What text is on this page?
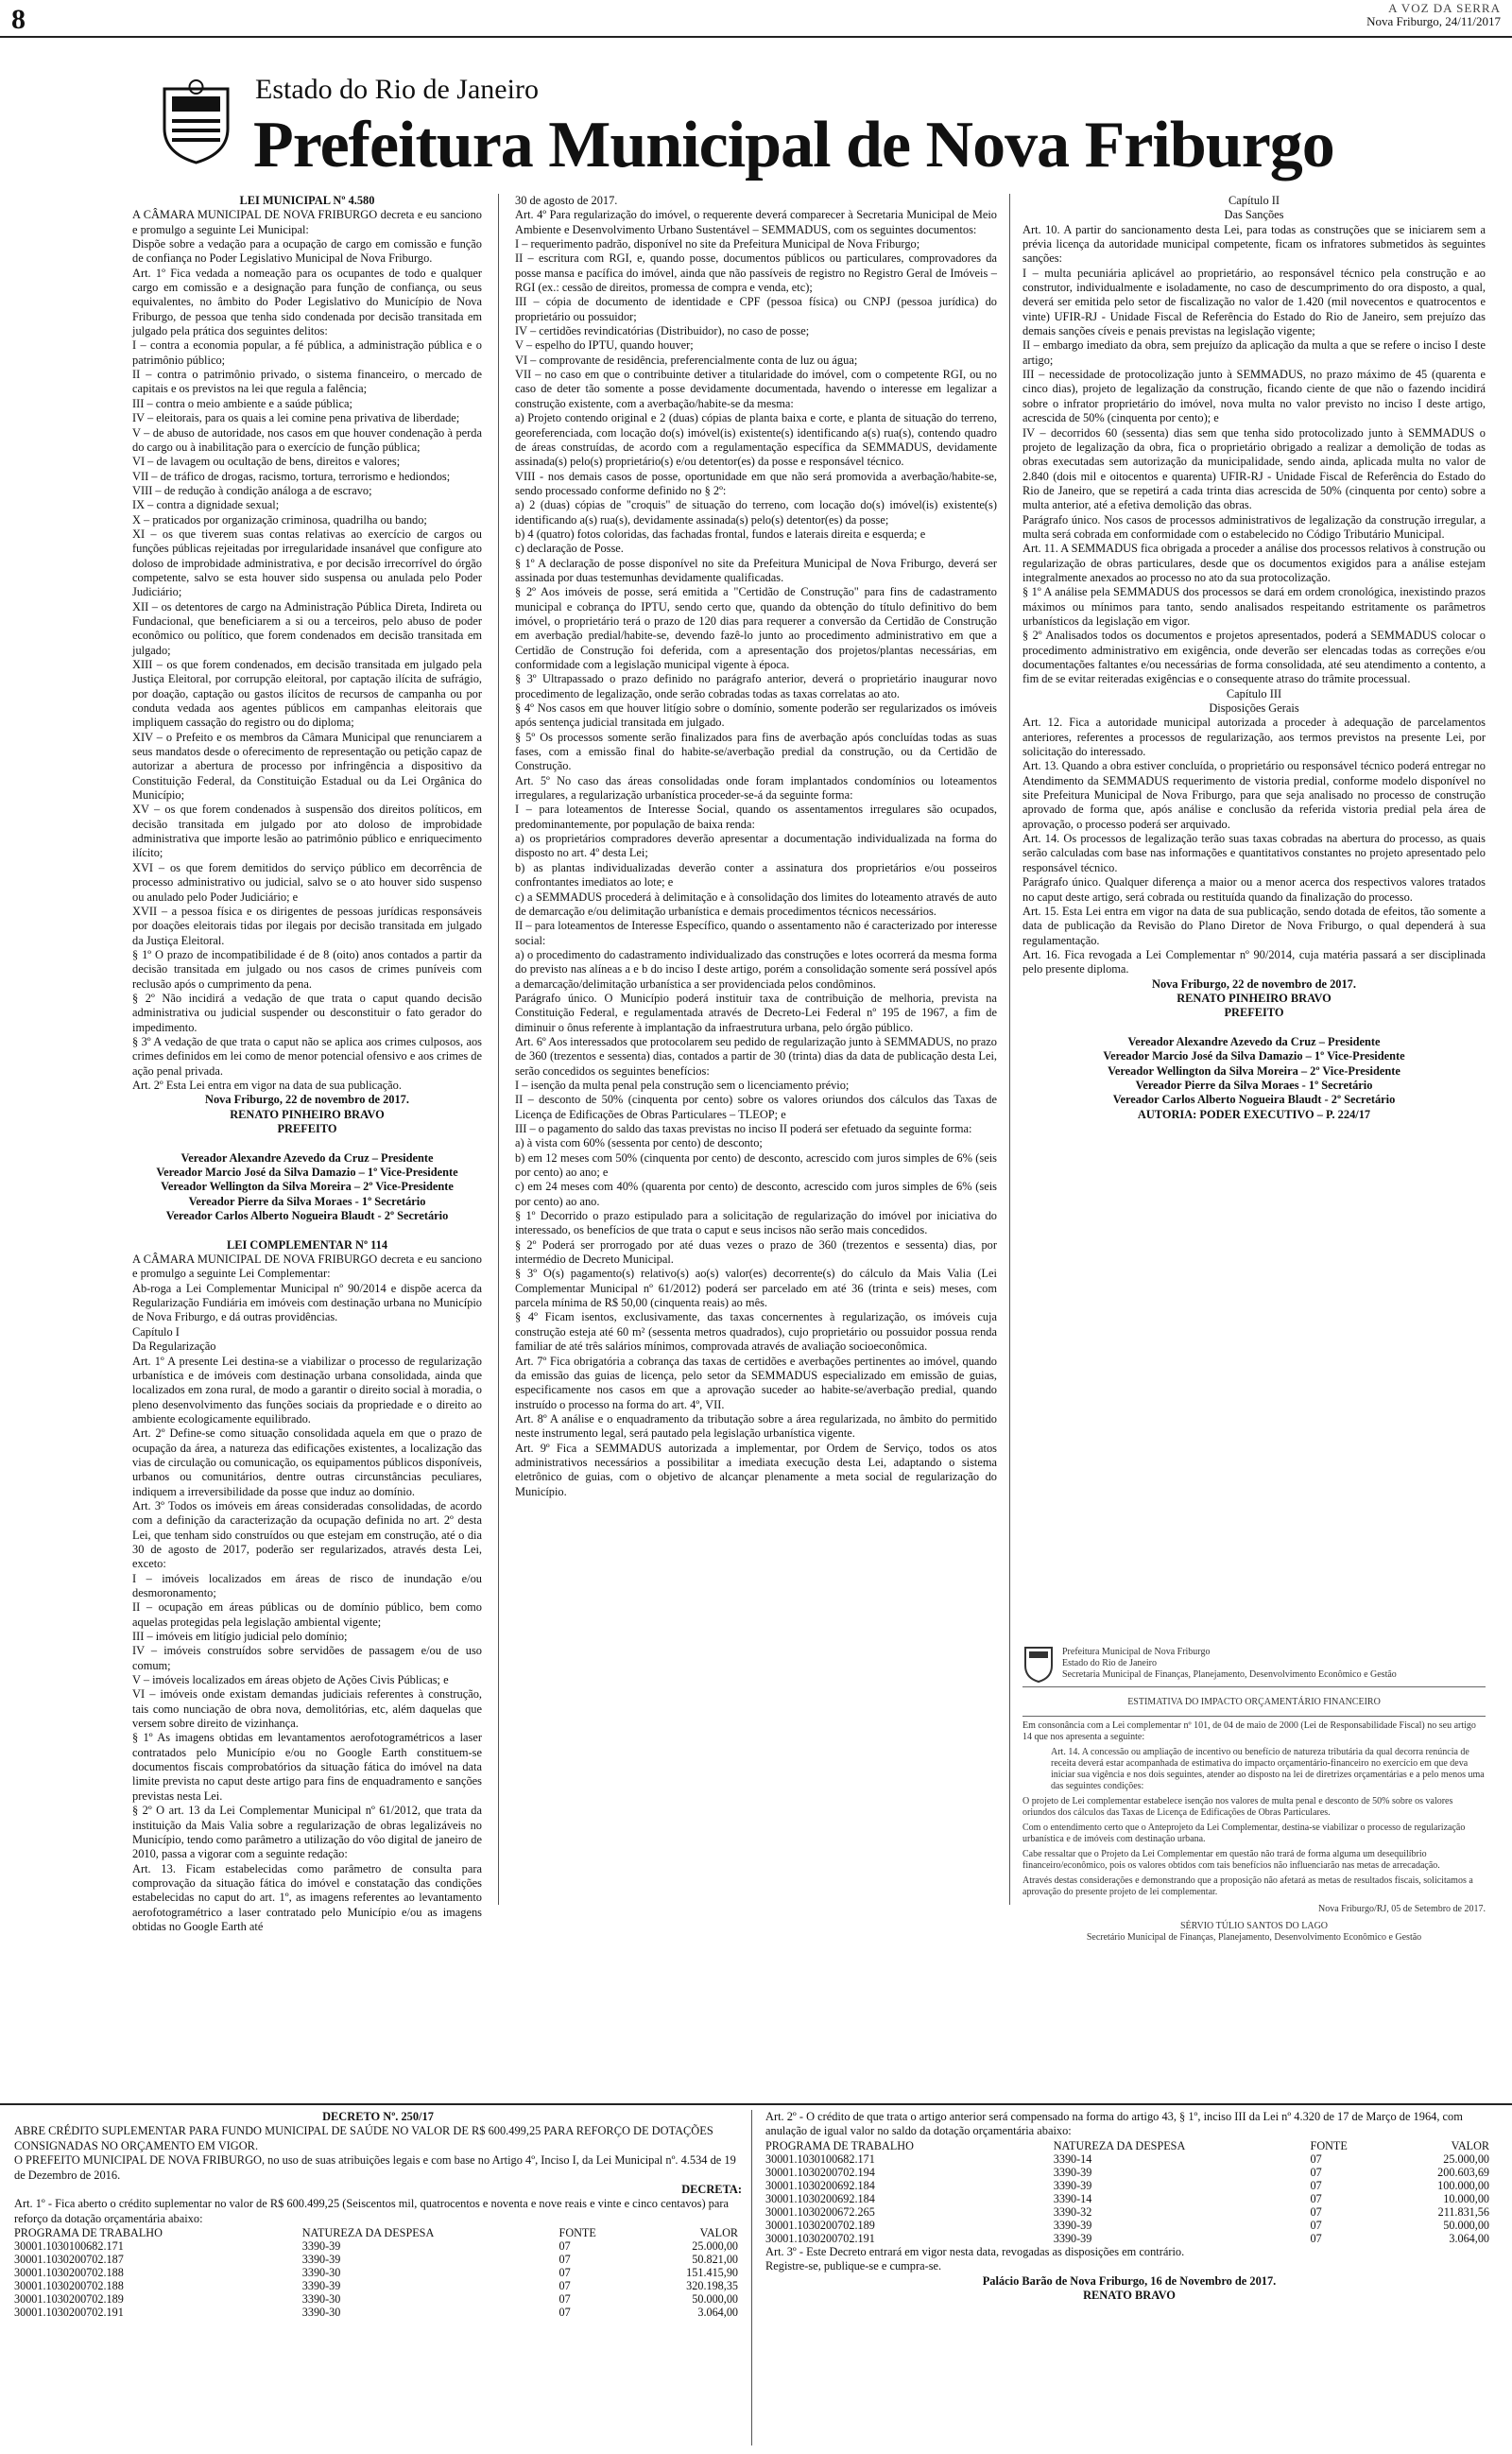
8	A VOZ DA SERRA
Nova Friburgo, 24/11/2017
Estado do Rio de Janeiro
Prefeitura Municipal de Nova Friburgo

LEI MUNICIPAL Nº 4.580

A CÂMARA MUNICIPAL DE NOVA FRIBURGO decreta e eu sanciono e promulgo a seguinte Lei Municipal:

Dispõe sobre a vedação para a ocupação de cargo em comissão e função de confiança no Poder Legislativo Municipal de Nova Friburgo.

Art. 1º Fica vedada a nomeação para os ocupantes de todo e qualquer cargo em comissão e a designação para função de confiança, ou seus equivalentes, no âmbito do Poder Legislativo do Município de Nova Friburgo, de pessoa que tenha sido condenada por decisão transitada em julgado pela prática dos seguintes delitos:

I – contra a economia popular, a fé pública, a administração pública e o patrimônio público;

II – contra o patrimônio privado, o sistema financeiro, o mercado de capitais e os previstos na lei que regula a falência;

III – contra o meio ambiente e a saúde pública;

IV – eleitorais, para os quais a lei comine pena privativa de liberdade;

V – de abuso de autoridade, nos casos em que houver condenação à perda do cargo ou à inabilitação para o exercício de função pública;

VI – de lavagem ou ocultação de bens, direitos e valores;

VII – de tráfico de drogas, racismo, tortura, terrorismo e hediondos;

VIII – de redução à condição análoga a de escravo;

IX – contra a dignidade sexual;

X – praticados por organização criminosa, quadrilha ou bando;

XI – os que tiverem suas contas relativas ao exercício de cargos ou funções públicas rejeitadas por irregularidade insanável que configure ato doloso de improbidade administrativa, e por decisão irrecorrível do órgão competente, salvo se esta houver sido suspensa ou anulada pelo Poder Judiciário;

XII – os detentores de cargo na Administração Pública Direta, Indireta ou Fundacional, que beneficiarem a si ou a terceiros, pelo abuso de poder econômico ou político, que forem condenados em decisão transitada em julgado;

XIII – os que forem condenados, em decisão transitada em julgado pela Justiça Eleitoral, por corrupção eleitoral, por captação ilícita de sufrágio, por doação, captação ou gastos ilícitos de recursos de campanha ou por conduta vedada aos agentes públicos em campanhas eleitorais que impliquem cassação do registro ou do diploma;

XIV – o Prefeito e os membros da Câmara Municipal que renunciarem a seus mandatos desde o oferecimento de representação ou petição capaz de autorizar a abertura de processo por infringência a dispositivo da Constituição Federal, da Constituição Estadual ou da Lei Orgânica do Município;

XV – os que forem condenados à suspensão dos direitos políticos, em decisão transitada em julgado por ato doloso de improbidade administrativa que importe lesão ao patrimônio público e enriquecimento ilícito;

XVI – os que forem demitidos do serviço público em decorrência de processo administrativo ou judicial, salvo se o ato houver sido suspenso ou anulado pelo Poder Judiciário; e

XVII – a pessoa física e os dirigentes de pessoas jurídicas responsáveis por doações eleitorais tidas por ilegais por decisão transitada em julgado da Justiça Eleitoral.

§ 1º O prazo de incompatibilidade é de 8 (oito) anos contados a partir da decisão transitada em julgado ou nos casos de crimes puníveis com reclusão após o cumprimento da pena.

§ 2º Não incidirá a vedação de que trata o caput quando decisão administrativa ou judicial suspender ou desconstituir o fato gerador do impedimento.

§ 3º A vedação de que trata o caput não se aplica aos crimes culposos, aos crimes definidos em lei como de menor potencial ofensivo e aos crimes de ação penal privada.

Art. 2º Esta Lei entra em vigor na data de sua publicação.

Nova Friburgo, 22 de novembro de 2017.

RENATO PINHEIRO BRAVO

PREFEITO

Vereador Alexandre Azevedo da Cruz – Presidente

Vereador Marcio José da Silva Damazio – 1º Vice-Presidente

Vereador Wellington da Silva Moreira – 2º Vice-Presidente

Vereador Pierre da Silva Moraes - 1º Secretário

Vereador Carlos Alberto Nogueira Blaudt - 2º Secretário

LEI COMPLEMENTAR Nº 114

A CÂMARA MUNICIPAL DE NOVA FRIBURGO decreta e eu sanciono e promulgo a seguinte Lei Complementar:

Ab-roga a Lei Complementar Municipal nº 90/2014 e dispõe acerca da Regularização Fundiária em imóveis com destinação urbana no Município de Nova Friburgo, e dá outras providências.

Capítulo I

Da Regularização

Art. 1º A presente Lei destina-se a viabilizar o processo de regularização urbanística e de imóveis com destinação urbana consolidada, ainda que localizados em zona rural, de modo a garantir o direito social à moradia, o pleno desenvolvimento das funções sociais da propriedade e o direito ao ambiente ecologicamente equilibrado.

Art. 2º Define-se como situação consolidada aquela em que o prazo de ocupação da área, a natureza das edificações existentes, a localização das vias de circulação ou comunicação, os equipamentos públicos disponíveis, urbanos ou comunitários, dentre outras circunstâncias peculiares, indiquem a irreversibilidade da posse que induz ao domínio.

Art. 3º Todos os imóveis em áreas consideradas consolidadas, de acordo com a definição da caracterização da ocupação definida no art. 2º desta Lei, que tenham sido construídos ou que estejam em construção, até o dia 30 de agosto de 2017, poderão ser regularizados, através desta Lei, exceto:

I – imóveis localizados em áreas de risco de inundação e/ou desmoronamento;

II – ocupação em áreas públicas ou de domínio público, bem como aquelas protegidas pela legislação ambiental vigente;

III – imóveis em litígio judicial pelo domínio;

IV – imóveis construídos sobre servidões de passagem e/ou de uso comum;

V – imóveis localizados em áreas objeto de Ações Civis Públicas; e

VI – imóveis onde existam demandas judiciais referentes à construção, tais como nunciação de obra nova, demolitórias, etc, além daquelas que versem sobre direito de vizinhança.

§ 1º As imagens obtidas em levantamentos aerofotogramétricos a laser contratados pelo Município e/ou no Google Earth constituem-se documentos fiscais comprobatórios da situação fática do imóvel na data limite prevista no caput deste artigo para fins de enquadramento e sanções previstas nesta Lei.

§ 2º O art. 13 da Lei Complementar Municipal nº 61/2012, que trata da instituição da Mais Valia sobre a regularização de obras legalizáveis no Município, tendo como parâmetro a utilização do vôo digital de janeiro de 2010, passa a vigorar com a seguinte redação:

Art. 13. Ficam estabelecidas como parâmetro de consulta para comprovação da situação fática do imóvel e constatação das condições estabelecidas no caput do art. 1º, as imagens referentes ao levantamento aerofotogramétrico a laser contratado pelo Município e/ou as imagens obtidas no Google Earth até

30 de agosto de 2017.

Art. 4º Para regularização do imóvel, o requerente deverá comparecer à Secretaria Municipal de Meio Ambiente e Desenvolvimento Urbano Sustentável – SEMMADUS, com os seguintes documentos:

I – requerimento padrão, disponível no site da Prefeitura Municipal de Nova Friburgo;

II – escritura com RGI, e, quando posse, documentos públicos ou particulares, comprovadores da posse mansa e pacífica do imóvel, ainda que não passíveis de registro no Registro Geral de Imóveis – RGI (ex.: cessão de direitos, promessa de compra e venda, etc);

III – cópia de documento de identidade e CPF (pessoa física) ou CNPJ (pessoa jurídica) do proprietário ou possuidor;

IV – certidões revindicatórias (Distribuidor), no caso de posse;

V – espelho do IPTU, quando houver;

VI – comprovante de residência, preferencialmente conta de luz ou água;

VII – no caso em que o contribuinte detiver a titularidade do imóvel, com o competente RGI, ou no caso de deter tão somente a posse devidamente documentada, havendo o interesse em legalizar a construção existente, com a averbação/habite-se da mesma:

a) Projeto contendo original e 2 (duas) cópias de planta baixa e corte, e planta de situação do terreno, georeferenciada, com locação do(s) imóvel(is) existente(s) identificando a(s) rua(s), contendo quadro de áreas construídas, de acordo com a regulamentação específica da SEMMADUS, devidamente assinada(s) pelo(s) proprietário(s) e/ou detentor(es) da posse e responsável técnico.

VIII - nos demais casos de posse, oportunidade em que não será promovida a averbação/habite-se, sendo processado conforme definido no § 2º:

a) 2 (duas) cópias de "croquis" de situação do terreno, com locação do(s) imóvel(is) existente(s) identificando a(s) rua(s), devidamente assinada(s) pelo(s) detentor(es) da posse;

b) 4 (quatro) fotos coloridas, das fachadas frontal, fundos e laterais direita e esquerda; e

c) declaração de Posse.

§ 1º A declaração de posse disponível no site da Prefeitura Municipal de Nova Friburgo, deverá ser assinada por duas testemunhas devidamente qualificadas.

§ 2º Aos imóveis de posse, será emitida a "Certidão de Construção" para fins de cadastramento municipal e cobrança do IPTU, sendo certo que, quando da obtenção do título definitivo do bem imóvel, o proprietário terá o prazo de 120 dias para requerer a conversão da Certidão de Construção em averbação predial/habite-se, devendo fazê-lo junto ao procedimento administrativo em que a Certidão de Construção foi deferida, com a apresentação dos projetos/plantas necessárias, em conformidade com a legislação municipal vigente à época.

§ 3º Ultrapassado o prazo definido no parágrafo anterior, deverá o proprietário inaugurar novo procedimento de legalização, onde serão cobradas todas as taxas correlatas ao ato.

§ 4º Nos casos em que houver litígio sobre o domínio, somente poderão ser regularizados os imóveis após sentença judicial transitada em julgado.

§ 5º Os processos somente serão finalizados para fins de averbação após concluídas todas as suas fases, com a emissão final do habite-se/averbação predial da construção, ou da Certidão de Construção.

Art. 5º No caso das áreas consolidadas onde foram implantados condomínios ou loteamentos irregulares, a regularização urbanística proceder-se-á da seguinte forma:

I – para loteamentos de Interesse Social, quando os assentamentos irregulares são ocupados, predominantemente, por população de baixa renda:

a) os proprietários compradores deverão apresentar a documentação individualizada na forma do disposto no art. 4º desta Lei;

b) as plantas individualizadas deverão conter a assinatura dos proprietários e/ou posseiros confrontantes imediatos ao lote; e

c) a SEMMADUS procederá à delimitação e à consolidação dos limites do loteamento através de auto de demarcação e/ou delimitação urbanística e demais procedimentos técnicos necessários.

II – para loteamentos de Interesse Específico, quando o assentamento não é caracterizado por interesse social:

a) o procedimento do cadastramento individualizado das construções e lotes ocorrerá da mesma forma do previsto nas alíneas a e b do inciso I deste artigo, porém a consolidação somente será possível após a demarcação/delimitação urbanística a ser providenciada pelos condôminos.

Parágrafo único. O Município poderá instituir taxa de contribuição de melhoria, prevista na Constituição Federal, e regulamentada através de Decreto-Lei Federal nº 195 de 1967, a fim de diminuir o ônus referente à implantação da infraestrutura urbana, pelo órgão público.

Art. 6º Aos interessados que protocolarem seu pedido de regularização junto à SEMMADUS, no prazo de 360 (trezentos e sessenta) dias, contados a partir de 30 (trinta) dias da data de publicação desta Lei, serão concedidos os seguintes benefícios:

I – isenção da multa penal pela construção sem o licenciamento prévio;

II – desconto de 50% (cinquenta por cento) sobre os valores oriundos dos cálculos das Taxas de Licença de Edificações de Obras Particulares – TLEOP; e

III – o pagamento do saldo das taxas previstas no inciso II poderá ser efetuado da seguinte forma:

a) à vista com 60% (sessenta por cento) de desconto;

b) em 12 meses com 50% (cinquenta por cento) de desconto, acrescido com juros simples de 6% (seis por cento) ao ano; e

c) em 24 meses com 40% (quarenta por cento) de desconto, acrescido com juros simples de 6% (seis por cento) ao ano.

§ 1º Decorrido o prazo estipulado para a solicitação de regularização do imóvel por iniciativa do interessado, os benefícios de que trata o caput e seus incisos não serão mais concedidos.

§ 2º Poderá ser prorrogado por até duas vezes o prazo de 360 (trezentos e sessenta) dias, por intermédio de Decreto Municipal.

§ 3º O(s) pagamento(s) relativo(s) ao(s) valor(es) decorrente(s) do cálculo da Mais Valia (Lei Complementar Municipal nº 61/2012) poderá ser parcelado em até 36 (trinta e seis) meses, com parcela mínima de R$ 50,00 (cinquenta reais) ao mês.

§ 4º Ficam isentos, exclusivamente, das taxas concernentes à regularização, os imóveis cuja construção esteja até 60 m² (sessenta metros quadrados), cujo proprietário ou possuidor possua renda familiar de até três salários mínimos, comprovada através de avaliação socioeconômica.

Art. 7º Fica obrigatória a cobrança das taxas de certidões e averbações pertinentes ao imóvel, quando da emissão das guias de licença, pelo setor da SEMMADUS especializado em emissão de guias, especificamente nos casos em que a aprovação suceder ao habite-se/averbação predial, quando instruído o processo na forma do art. 4º, VII.

Art. 8º A análise e o enquadramento da tributação sobre a área regularizada, no âmbito do permitido neste instrumento legal, será pautado pela legislação urbanística vigente.

Art. 9º Fica a SEMMADUS autorizada a implementar, por Ordem de Serviço, todos os atos administrativos necessários a possibilitar a imediata execução desta Lei, adaptando o sistema eletrônico de guias, com o objetivo de alcançar plenamente a meta social de regularização do Município.

Capítulo II

Das Sanções

Art. 10. A partir do sancionamento desta Lei, para todas as construções que se iniciarem sem a prévia licença da autoridade municipal competente, ficam os infratores submetidos às seguintes sanções:

I – multa pecuniária aplicável ao proprietário, ao responsável técnico pela construção e ao construtor, individualmente e isoladamente, no caso de descumprimento do ora disposto, a qual, deverá ser emitida pelo setor de fiscalização no valor de 1.420 (mil novecentos e quatrocentos e vinte) UFIR-RJ - Unidade Fiscal de Referência do Estado do Rio de Janeiro, sem prejuízo das demais sanções cíveis e penais previstas na legislação vigente;

II – embargo imediato da obra, sem prejuízo da aplicação da multa a que se refere o inciso I deste artigo;

III – necessidade de protocolização junto à SEMMADUS, no prazo máximo de 45 (quarenta e cinco dias), projeto de legalização da construção, ficando ciente de que não o fazendo incidirá sobre o infrator proprietário do imóvel, nova multa no valor previsto no inciso I deste artigo, acrescida de 50% (cinquenta por cento); e

IV – decorridos 60 (sessenta) dias sem que tenha sido protocolizado junto à SEMMADUS o projeto de legalização da obra, fica o proprietário obrigado a realizar a demolição de todas as obras executadas sem autorização da municipalidade, sendo ainda, aplicada multa no valor de 2.840 (dois mil e oitocentos e quarenta) UFIR-RJ - Unidade Fiscal de Referência do Estado do Rio de Janeiro, que se repetirá a cada trinta dias acrescida de 50% (cinquenta por cento) sobre a multa anterior, até a efetiva demolição das obras.

Parágrafo único. Nos casos de processos administrativos de legalização da construção irregular, a multa será cobrada em conformidade com o estabelecido no Código Tributário Municipal.

Art. 11. A SEMMADUS fica obrigada a proceder a análise dos processos relativos à construção ou regularização de obras particulares, desde que os documentos exigidos para a análise estejam integralmente anexados ao processo no ato da sua protocolização.

§ 1º A análise pela SEMMADUS dos processos se dará em ordem cronológica, inexistindo prazos máximos ou mínimos para tanto, sendo analisados respeitando estritamente os parâmetros urbanísticos da legislação em vigor.

§ 2º Analisados todos os documentos e projetos apresentados, poderá a SEMMADUS colocar o procedimento administrativo em exigência, onde deverão ser elencadas todas as correções e/ou documentações faltantes e/ou necessárias de forma consolidada, até seu atendimento a contento, a fim de se evitar reiteradas exigências e o consequente atraso do trâmite processual.

Capítulo III

Disposições Gerais

Art. 12. Fica a autoridade municipal autorizada a proceder à adequação de parcelamentos anteriores, referentes a processos de regularização, aos termos previstos na presente Lei, por solicitação do interessado.

Art. 13. Quando a obra estiver concluída, o proprietário ou responsável técnico poderá entregar no Atendimento da SEMMADUS requerimento de vistoria predial, conforme modelo disponível no site Prefeitura Municipal de Nova Friburgo, para que seja analisado no processo de construção aprovado de forma que, após análise e conclusão da referida vistoria predial pela área de aprovação, o processo poderá ser arquivado.

Art. 14. Os processos de legalização terão suas taxas cobradas na abertura do processo, as quais serão calculadas com base nas informações e quantitativos constantes no projeto apresentado pelo responsável técnico.

Parágrafo único. Qualquer diferença a maior ou a menor acerca dos respectivos valores tratados no caput deste artigo, será cobrada ou restituída quando da finalização do processo.

Art. 15. Esta Lei entra em vigor na data de sua publicação, sendo dotada de efeitos, tão somente a data de publicação da Revisão do Plano Diretor de Nova Friburgo, o qual dependerá à sua regulamentação.

Art. 16. Fica revogada a Lei Complementar nº 90/2014, cuja matéria passará a ser disciplinada pelo presente diploma.

Nova Friburgo, 22 de novembro de 2017.

RENATO PINHEIRO BRAVO

PREFEITO

Vereador Alexandre Azevedo da Cruz – Presidente

Vereador Marcio José da Silva Damazio – 1º Vice-Presidente

Vereador Wellington da Silva Moreira – 2º Vice-Presidente

Vereador Pierre da Silva Moraes - 1º Secretário

Vereador Carlos Alberto Nogueira Blaudt - 2º Secretário

AUTORIA: PODER EXECUTIVO – P. 224/17

Prefeitura Municipal de Nova Friburgo
Estado do Rio de Janeiro
Secretaria Municipal de Finanças, Planejamento, Desenvolvimento Econômico e Gestão
ESTIMATIVA DO IMPACTO ORÇAMENTÁRIO FINANCEIRO
Em consonância com a Lei complementar nº 101, de 04 de maio de 2000 (Lei de Responsabilidade Fiscal) no seu artigo 14 que nos apresenta a seguinte:
Art. 14. A concessão ou ampliação de incentivo ou benefício de natureza tributária da qual decorra renúncia de receita deverá estar acompanhada de estimativa do impacto orçamentário-financeiro no exercício em que deva iniciar sua vigência e nos dois seguintes, atender ao disposto na lei de diretrizes orçamentárias e a pelo menos uma das seguintes condições:
O projeto de Lei complementar estabelece isenção nos valores de multa penal e desconto de 50% sobre os valores oriundos dos cálculos das Taxas de Licença de Edificações de Obras Particulares.
Com o entendimento certo que o Anteprojeto da Lei Complementar, destina-se viabilizar o processo de regularização urbanística e de imóveis com destinação urbana.
Cabe ressaltar que o Projeto da Lei Complementar em questão não trará de forma alguma um desequilíbrio financeiro/econômico, pois os valores obtidos com tais benefícios não influenciarão nas metas de arrecadação.
Através destas considerações e demonstrando que a proposição não afetará as metas de resultados fiscais, solicitamos a aprovação do presente projeto de lei complementar.
Nova Friburgo/RJ, 05 de Setembro de 2017.
SÉRVIO TÚLIO SANTOS DO LAGO
Secretário Municipal de Finanças, Planejamento, Desenvolvimento Econômico e Gestão

DECRETO Nº. 250/17

ABRE CRÉDITO SUPLEMENTAR PARA FUNDO MUNICIPAL DE SAÚDE NO VALOR DE R$ 600.499,25 PARA REFORÇO DE DOTAÇÕES CONSIGNADAS NO ORÇAMENTO EM VIGOR.

O PREFEITO MUNICIPAL DE NOVA FRIBURGO, no uso de suas atribuições legais e com base no Artigo 4º, Inciso I, da Lei Municipal nº. 4.534 de 19 de Dezembro de 2016.

DECRETA:

Art. 1º - Fica aberto o crédito suplementar no valor de R$ 600.499,25 (Seiscentos mil, quatrocentos e noventa e nove reais e vinte e cinco centavos) para reforço da dotação orçamentária abaixo:

PROGRAMA DE TRABALHO	NATUREZA DA DESPESA	FONTE	VALOR
30001.1030100682.171	3390-39	07	25.000,00
30001.1030200702.187	3390-39	07	50.821,00
30001.1030200702.188	3390-30	07	151.415,90
30001.1030200702.188	3390-39	07	320.198,35
30001.1030200702.189	3390-30	07	50.000,00
30001.1030200702.191	3390-30	07	3.064,00

Art. 2º - O crédito de que trata o artigo anterior será compensado na forma do artigo 43, § 1º, inciso III da Lei nº 4.320 de 17 de Março de 1964, com anulação de igual valor no saldo da dotação orçamentária abaixo:

PROGRAMA DE TRABALHO	NATUREZA DA DESPESA	FONTE	VALOR
30001.1030100682.171	3390-14	07	25.000,00
30001.1030200702.194	3390-39	07	200.603,69
30001.1030200692.184	3390-39	07	100.000,00
30001.1030200692.184	3390-14	07	10.000,00
30001.1030200672.265	3390-32	07	211.831,56
30001.1030200702.189	3390-39	07	50.000,00
30001.1030200702.191	3390-39	07	3.064,00

Art. 3º - Este Decreto entrará em vigor nesta data, revogadas as disposições em contrário.

Registre-se, publique-se e cumpra-se.

Palácio Barão de Nova Friburgo, 16 de Novembro de 2017.

RENATO BRAVO
